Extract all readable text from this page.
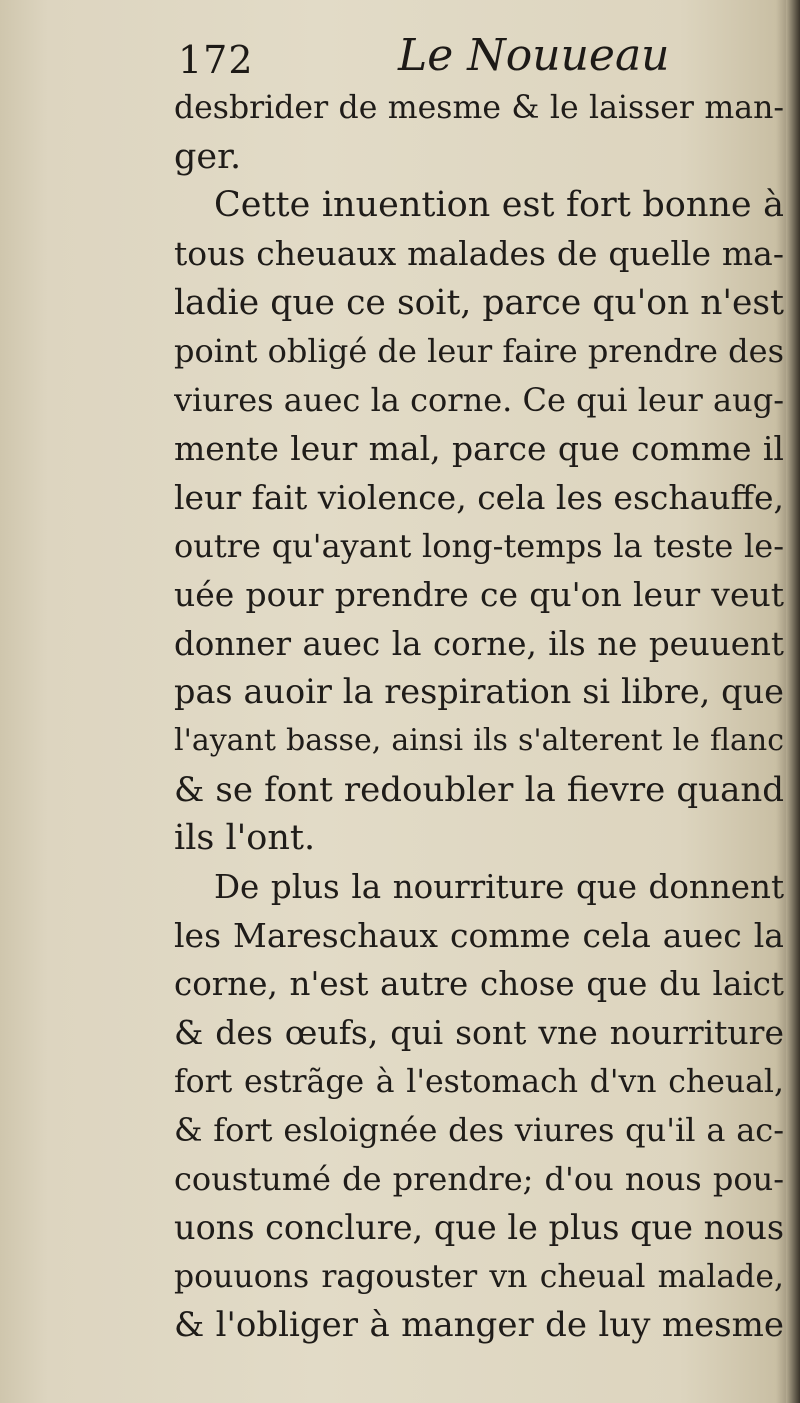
172	Le Nouueau
desbrider de mesme & le laisser man-
ger.
Cette inuention est fort bonne à
tous cheuaux malades de quelle ma-
ladie que ce soit, parce qu'on n'est
point obligé de leur faire prendre des
viures auec la corne. Ce qui leur aug-
mente leur mal, parce que comme il
leur fait violence, cela les eschauffe,
outre qu'ayant long-temps la teste le-
uée pour prendre ce qu'on leur veut
donner auec la corne, ils ne peuuent
pas auoir la respiration si libre, que
l'ayant basse, ainsi ils s'alterent le flanc
& se font redoubler la fievre quand
ils l'ont.
De plus la nourriture que donnent
les Mareschaux comme cela auec la
corne, n'est autre chose que du laict
& des œufs, qui sont vne nourriture
fort estrãge à l'estomach d'vn cheual,
& fort esloignée des viures qu'il a ac-
coustumé de prendre; d'ou nous pou-
uons conclure, que le plus que nous
pouuons ragouster vn cheual malade,
& l'obliger à manger de luy mesme
